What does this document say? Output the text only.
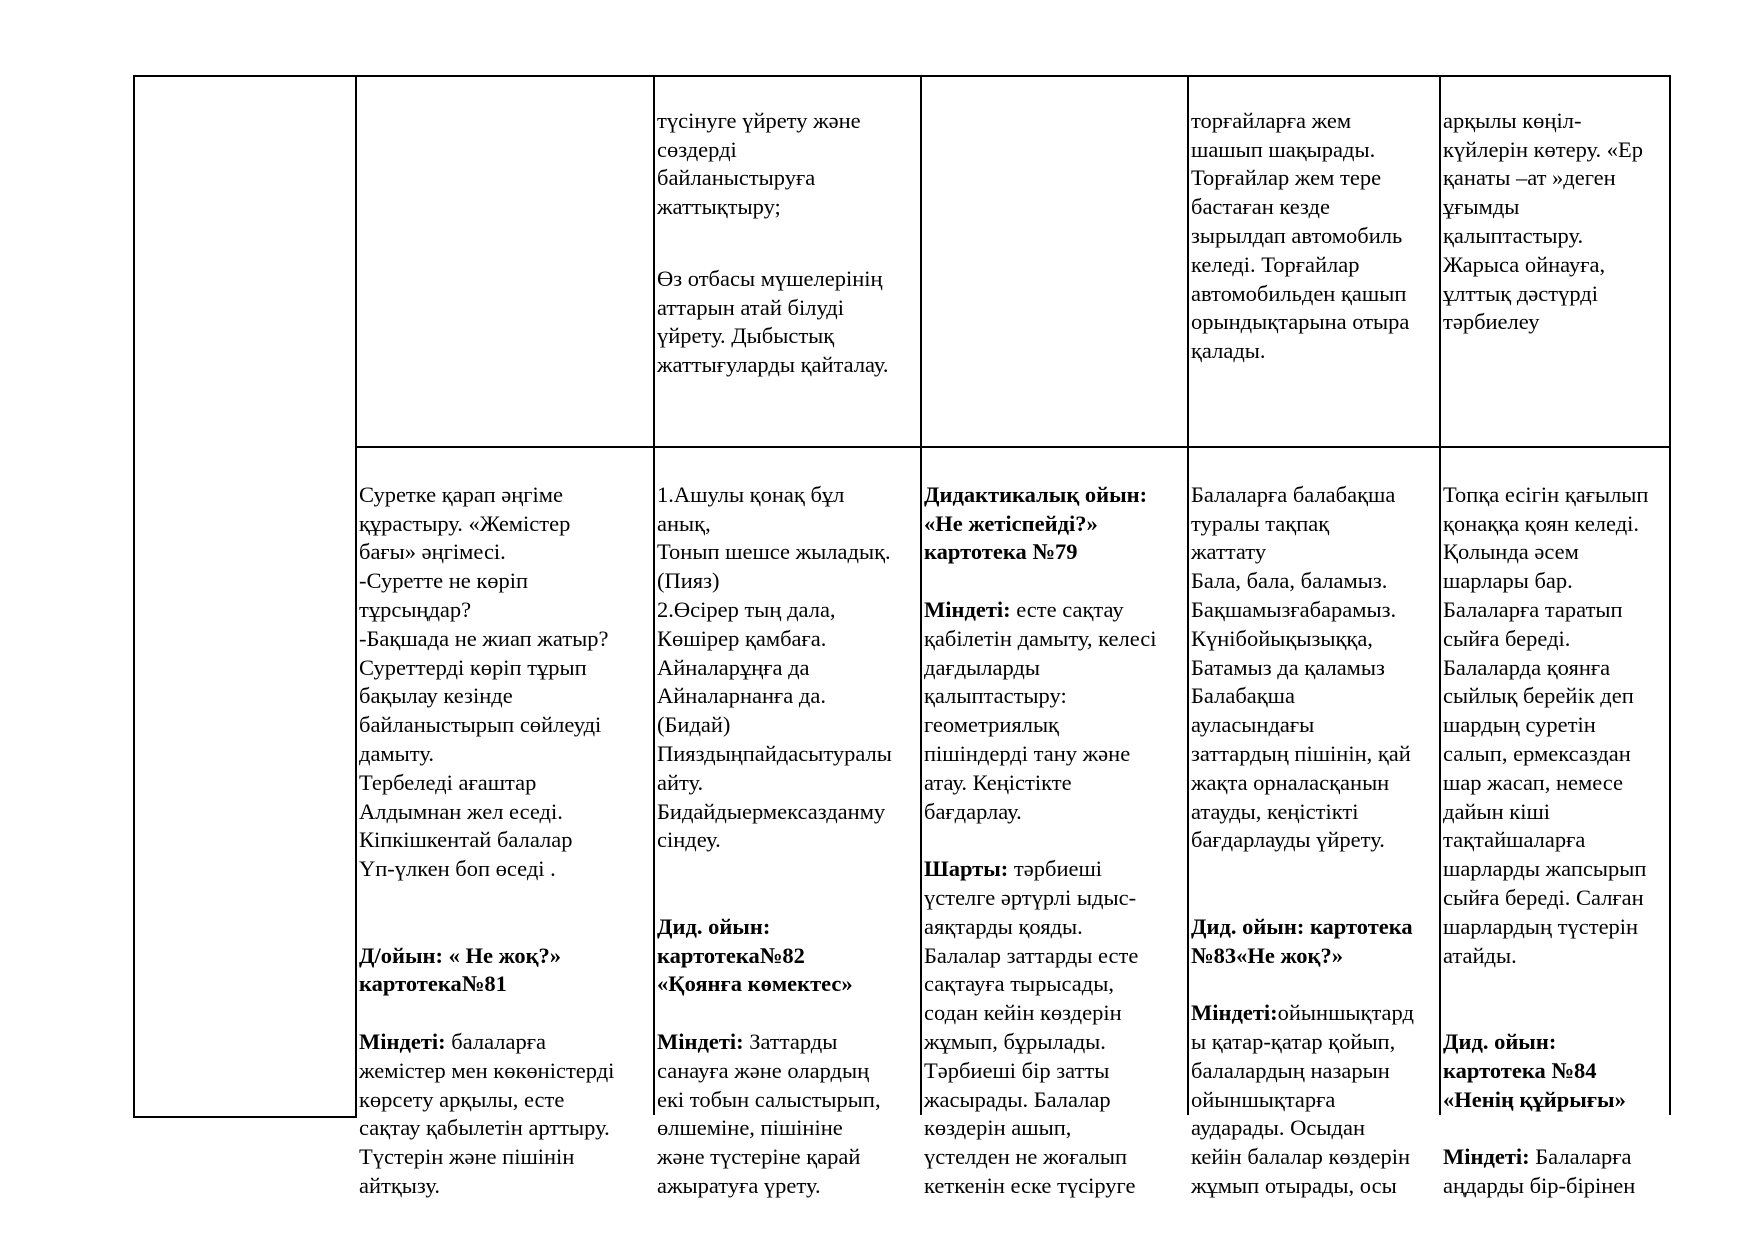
түсінуге үйрету және
сөздерді
байланыстыруға
жаттықтыру;

Өз отбасы мүшелерінің
аттарын атай білуді
үйрету. Дыбыстық
жаттығуларды қайталау.

торғайларға жем
шашып шақырады.
Торғайлар жем тере
бастаған кезде
зырылдап автомобиль
келеді. Торғайлар
автомобильден қашып
орындықтарына отыра
қалады.

арқылы көңіл-
күйлерін көтеру. «Ер
қанаты –ат »деген
ұғымды
қалыптастыру.
Жарыса ойнауға,
ұлттық дәстүрді
тәрбиелеу

Суретке қарап әңгіме
құрастыру. «Жемістер
бағы» әңгімесі.
-Суретте не көріп
тұрсыңдар?
-Бақшада не жиап жатыр?
Суреттерді көріп тұрып
бақылау кезінде
байланыстырып сөйлеуді
дамыту.
Тербеледі ағаштар
Алдымнан жел еседі.
Кіпкішкентай балалар
Үп-үлкен боп өседі .

Д/ойын: « Не жоқ?»
картотека№81

Міндеті: балаларға
жемістер мен көкөністерді
көрсету арқылы, есте
сақтау қабылетін арттыру.
Түстерін және пішінін
айтқызу.

1.Ашулы қонақ бұл
анық,
Тонып шешсе жыладық.
(Пияз)
2.Өсірер тың дала,
Көшірер қамбаға.
Айналарұңға да
Айналарнанға да.
(Бидай)
Пияздыңпайдасытуралы
айту.
Бидайдыермексазданму
сіндеу.

Дид. ойын:
картотека№82
«Қоянға көмектес»

Міндеті: Заттарды
санауға және олардың
екі тобын салыстырып,
өлшеміне, пішініне
және түстеріне қарай
ажыратуға үрету.

Дидактикалық ойын:
«Не жетіспейді?»
картотека №79

Міндеті: есте сақтау
қабілетін дамыту, келесі
дағдыларды
қалыптастыру:
геометриялық
пішіндерді тану және
атау. Кеңістікте
бағдарлау.

Шарты: тәрбиеші
үстелге әртүрлі ыдыс-
аяқтарды қояды.
Балалар заттарды есте
сақтауға тырысады,
содан кейін көздерін
жұмып, бұрылады.
Тәрбиеші бір затты
жасырады. Балалар
көздерін ашып,
үстелден не жоғалып
кеткенін еске түсіруге

Балаларға балабақша
туралы тақпақ
жаттату
Бала, бала, баламыз.
Бақшамызғабарамыз.
Күнібойықызыққа,
Батамыз да қаламыз
Балабақша
ауласындағы
заттардың пішінін, қай
жақта орналасқанын
атауды, кеңістікті
бағдарлауды үйрету.

Дид. ойын: картотека
№83«Не жоқ?»

Міндеті:ойыншықтард
ы қатар-қатар қойып,
балалардың назарын
ойыншықтарға
аударады. Осыдан
кейін балалар көздерін
жұмып отырады, осы

Топқа есігін қағылып
қонаққа қоян келеді.
Қолында әсем
шарлары бар.
Балаларға таратып
сыйға береді.
Балаларда қоянға
сыйлық берейік деп
шардың суретін
салып, ермексаздан
шар жасап, немесе
дайын кіші
тақтайшаларға
шарларды жапсырып
сыйға береді. Салған
шарлардың түстерін
атайды.

Дид. ойын:
картотека №84
«Ненің құйрығы»

Міндеті: Балаларға
аңдарды бір-бірінен
